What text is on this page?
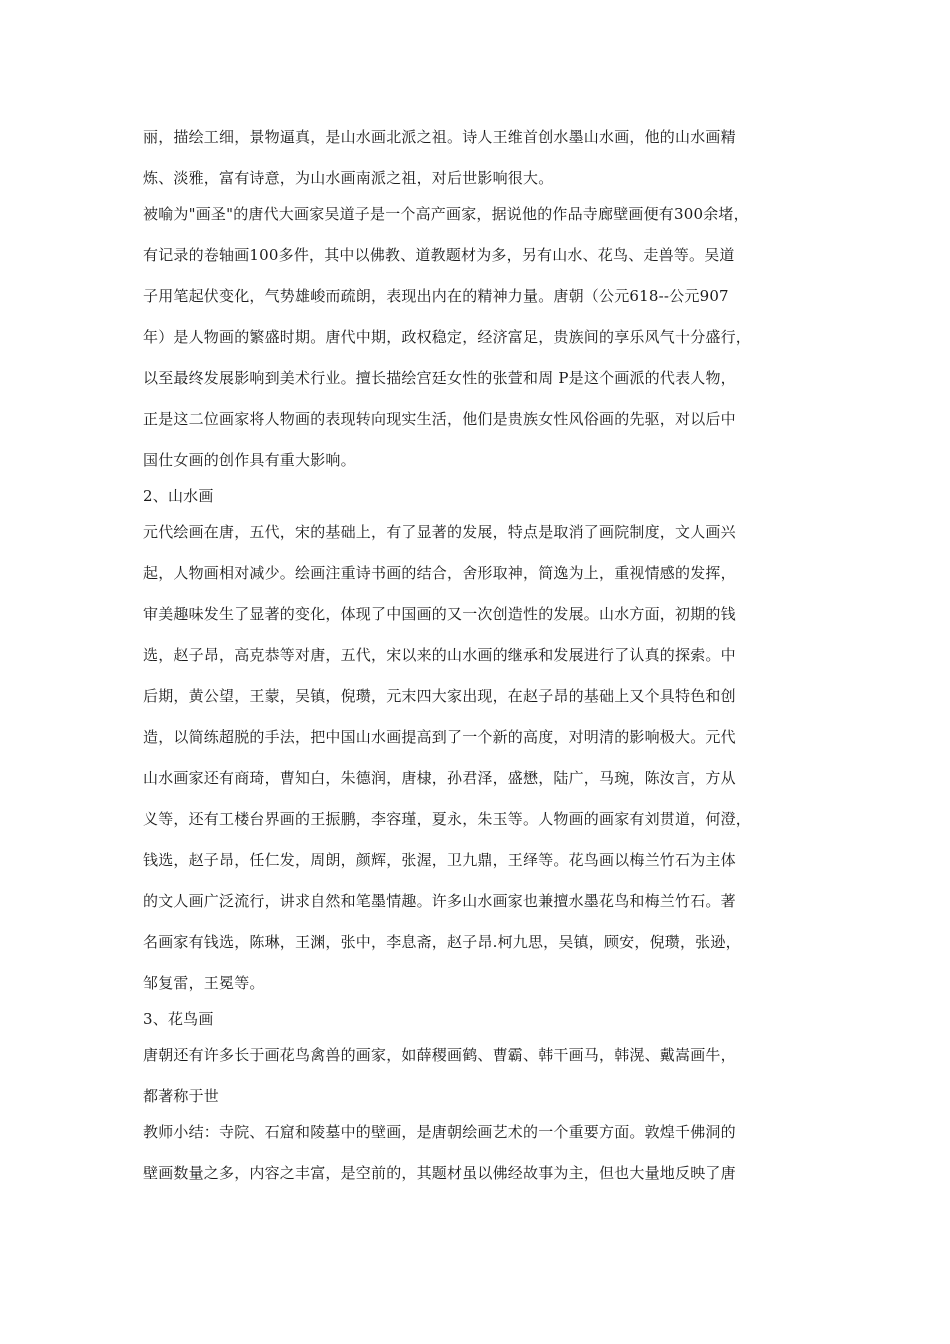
丽，描绘工细，景物逼真，是山水画北派之祖。诗人王维首创水墨山水画，他的山水画精
炼、淡雅，富有诗意，为山水画南派之祖，对后世影响很大。
被喻为"画圣"的唐代大画家吴道子是一个高产画家，据说他的作品寺廊壁画便有300余堵，
有记录的卷轴画100多件，其中以佛教、道教题材为多，另有山水、花鸟、走兽等。吴道
子用笔起伏变化，气势雄峻而疏朗，表现出内在的精神力量。唐朝（公元618--公元907
年）是人物画的繁盛时期。唐代中期，政权稳定，经济富足，贵族间的享乐风气十分盛行，
以至最终发展影响到美术行业。擅长描绘宫廷女性的张萱和周 P是这个画派的代表人物，
正是这二位画家将人物画的表现转向现实生活，他们是贵族女性风俗画的先驱，对以后中
国仕女画的创作具有重大影响。
2、山水画
元代绘画在唐，五代，宋的基础上，有了显著的发展，特点是取消了画院制度，文人画兴
起，人物画相对减少。绘画注重诗书画的结合，舍形取神，简逸为上，重视情感的发挥，
审美趣味发生了显著的变化，体现了中国画的又一次创造性的发展。山水方面，初期的钱
选，赵子昂，高克恭等对唐，五代，宋以来的山水画的继承和发展进行了认真的探索。中
后期，黄公望，王蒙，吴镇，倪瓒，元末四大家出现，在赵子昂的基础上又个具特色和创
造，以简练超脱的手法，把中国山水画提高到了一个新的高度，对明清的影响极大。元代
山水画家还有商琦，曹知白，朱德润，唐棣，孙君泽，盛懋，陆广，马琬，陈汝言，方从
义等，还有工楼台界画的王振鹏，李容瑾，夏永，朱玉等。人物画的画家有刘贯道，何澄，
钱选，赵子昂，任仁发，周朗，颜辉，张渥，卫九鼎，王绎等。花鸟画以梅兰竹石为主体
的文人画广泛流行，讲求自然和笔墨情趣。许多山水画家也兼擅水墨花鸟和梅兰竹石。著
名画家有钱选，陈琳，王渊，张中，李息斋，赵子昂.柯九思，吴镇，顾安，倪瓒，张逊，
邹复雷，王冕等。
3、花鸟画
唐朝还有许多长于画花鸟禽兽的画家，如薛稷画鹤、曹霸、韩干画马，韩滉、戴嵩画牛，
都著称于世
教师小结：寺院、石窟和陵墓中的壁画，是唐朝绘画艺术的一个重要方面。敦煌千佛洞的
壁画数量之多，内容之丰富，是空前的，其题材虽以佛经故事为主，但也大量地反映了唐
